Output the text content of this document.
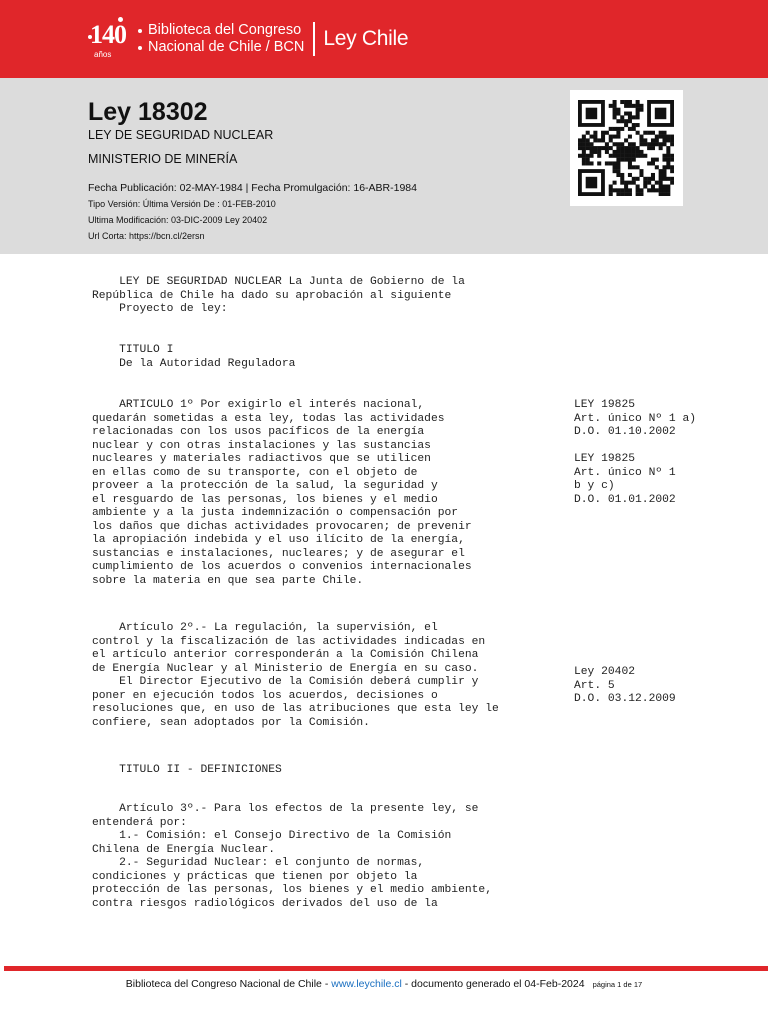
140
años
Biblioteca del Congreso
Nacional de Chile / BCN Ley Chile
Ley 18302
LEY DE SEGURIDAD NUCLEAR
MINISTERIO DE MINERÍA
Fecha Publicación: 02-MAY-1984 | Fecha Promulgación: 16-ABR-1984
Tipo Versión: Última Versión De : 01-FEB-2010
Ultima Modificación: 03-DIC-2009 Ley 20402
Url Corta: https://bcn.cl/2ersn
LEY DE SEGURIDAD NUCLEAR La Junta de Gobierno de la
República de Chile ha dado su aprobación al siguiente
Proyecto de ley:
TITULO I
De la Autoridad Reguladora
ARTICULO 1º Por exigirlo el interés nacional,
quedarán sometidas a esta ley, todas las actividades
relacionadas con los usos pacíficos de la energía
nuclear y con otras instalaciones y las sustancias
nucleares y materiales radiactivos que se utilicen
en ellas como de su transporte, con el objeto de
proveer a la protección de la salud, la seguridad y
el resguardo de las personas, los bienes y el medio
ambiente y a la justa indemnización o compensación por
los daños que dichas actividades provocaren; de prevenir
la apropiación indebida y el uso ilícito de la energía,
sustancias e instalaciones, nucleares; y de asegurar el
cumplimiento de los acuerdos o convenios internacionales
sobre la materia en que sea parte Chile.
LEY 19825
Art. único Nº 1 a)
D.O. 01.10.2002

LEY 19825
Art. único Nº 1
b y c)
D.O. 01.01.2002
Artículo 2º.- La regulación, la supervisión, el
control y la fiscalización de las actividades indicadas en
el artículo anterior corresponderán a la Comisión Chilena
de Energía Nuclear y al Ministerio de Energía en su caso.
El Director Ejecutivo de la Comisión deberá cumplir y
poner en ejecución todos los acuerdos, decisiones o
resoluciones que, en uso de las atribuciones que esta ley le
confiere, sean adoptados por la Comisión.
Ley 20402
Art. 5
D.O. 03.12.2009
TITULO II - DEFINICIONES
Artículo 3º.- Para los efectos de la presente ley, se
entenderá por:
1.- Comisión: el Consejo Directivo de la Comisión
Chilena de Energía Nuclear.
2.- Seguridad Nuclear: el conjunto de normas,
condiciones y prácticas que tienen por objeto la
protección de las personas, los bienes y el medio ambiente,
contra riesgos radiológicos derivados del uso de la
Biblioteca del Congreso Nacional de Chile - www.leychile.cl - documento generado el 04-Feb-2024 página 1 de 17
